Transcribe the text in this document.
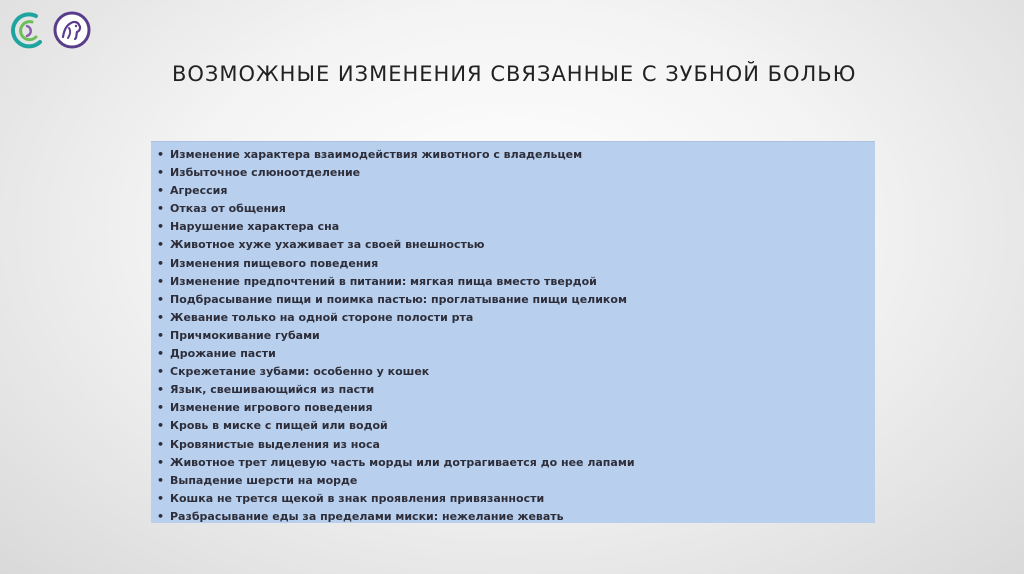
ВОЗМОЖНЫЕ ИЗМЕНЕНИЯ СВЯЗАННЫЕ С ЗУБНОЙ БОЛЬЮ
• Изменение характера взаимодействия животного с владельцем
• Избыточное слюноотделение
• Агрессия
• Отказ от общения
• Нарушение характера сна
• Животное хуже ухаживает за своей внешностью
• Изменения пищевого поведения
• Изменение предпочтений в питании: мягкая пища вместо твердой
• Подбрасывание пищи и поимка пастью: проглатывание пищи целиком
• Жевание только на одной стороне полости рта
• Причмокивание губами
• Дрожание пасти
• Скрежетание зубами: особенно у кошек
• Язык, свешивающийся из пасти
• Изменение игрового поведения
• Кровь в миске с пищей или водой
• Кровянистые выделения из носа
• Животное трет лицевую часть морды или дотрагивается до нее лапами
• Выпадение шерсти на морде
• Кошка не трется щекой в знак проявления привязанности
• Разбрасывание еды за пределами миски: нежелание жевать
